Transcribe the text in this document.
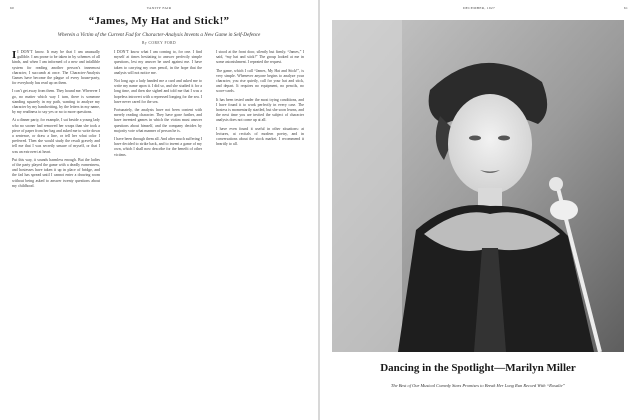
60	VANITY FAIR
“James, My Hat and Stick!”

Wherein a Victim of the Current Fad for Character-Analysis Invents a New Game in Self-Defence

By COREY FORD

I I DON’T know. It may be that I am unusually gullible. I am prone to be taken in by schemes of all kinds, and when I am informed of a new and infallible system for reading another person’s innermost character, I succumb at once. The Character-Analysis Games have become the plague of every house-party, for everybody has read up on them.

I can’t get away from them. They hound me. Wherever I go, no matter which way I turn, there is someone standing squarely in my path, wanting to analyze my character by my handwriting, by the letters in my name, by my readiness to say yes or no to more questions.

At a dinner party, for example, I sat beside a young lady who no sooner had removed her wraps than she took a piece of paper from her bag and asked me to write down a sentence, or draw a line, or tell her what color I preferred. Then she would study the result gravely and tell me that I was secretly unsure of myself, or that I was an extrovert at heart.

Put this way, it sounds harmless enough. But the ladies of the party played the game with a deadly earnestness, and hostesses have taken it up in place of bridge, and the fad has spread until I cannot enter a drawing room without being asked to answer twenty questions about my childhood.

I DON’T know what I am coming to, for one. I find myself at times hesitating to answer perfectly simple questions, lest my answer be used against me. I have taken to carrying my own pencil, in the hope that the analysts will not notice me.

Not long ago a lady handed me a card and asked me to write my name upon it. I did so, and she studied it for a long time, and then she sighed and told me that I was a hopeless introvert with a repressed longing for the sea. I have never cared for the sea.

Fortunately, the analysts have not been content with merely reading character. They have gone further, and have invented games in which the victim must answer questions about himself, and the company decides by majority vote what manner of person he is.

I have been through them all. And after much suffering I have decided to strike back, and to invent a game of my own, which I shall now describe for the benefit of other victims.

I stood at the front door, silently but firmly. “James,” I said, “my hat and stick!” The group looked at me in some astonishment. I repeated the request.

The game, which I call “James, My Hat and Stick!”, is very simple. Whenever anyone begins to analyze your character, you rise quietly, call for your hat and stick, and depart. It requires no equipment, no pencils, no score-cards.

It has been tested under the most trying conditions, and I have found it to work perfectly in every case. The hostess is momentarily startled, but she soon learns, and the next time you are invited the subject of character analysis does not come up at all.

I have even found it useful in other situations: at lectures, at recitals of modern poetry, and in conversations about the stock market. I recommend it heartily to all.

DECEMBER, 1927	61
Dancing in the Spotlight—Marilyn Miller

The Best of Our Musical Comedy Stars Promises to Break Her Long Run Record With “Rosalie”
